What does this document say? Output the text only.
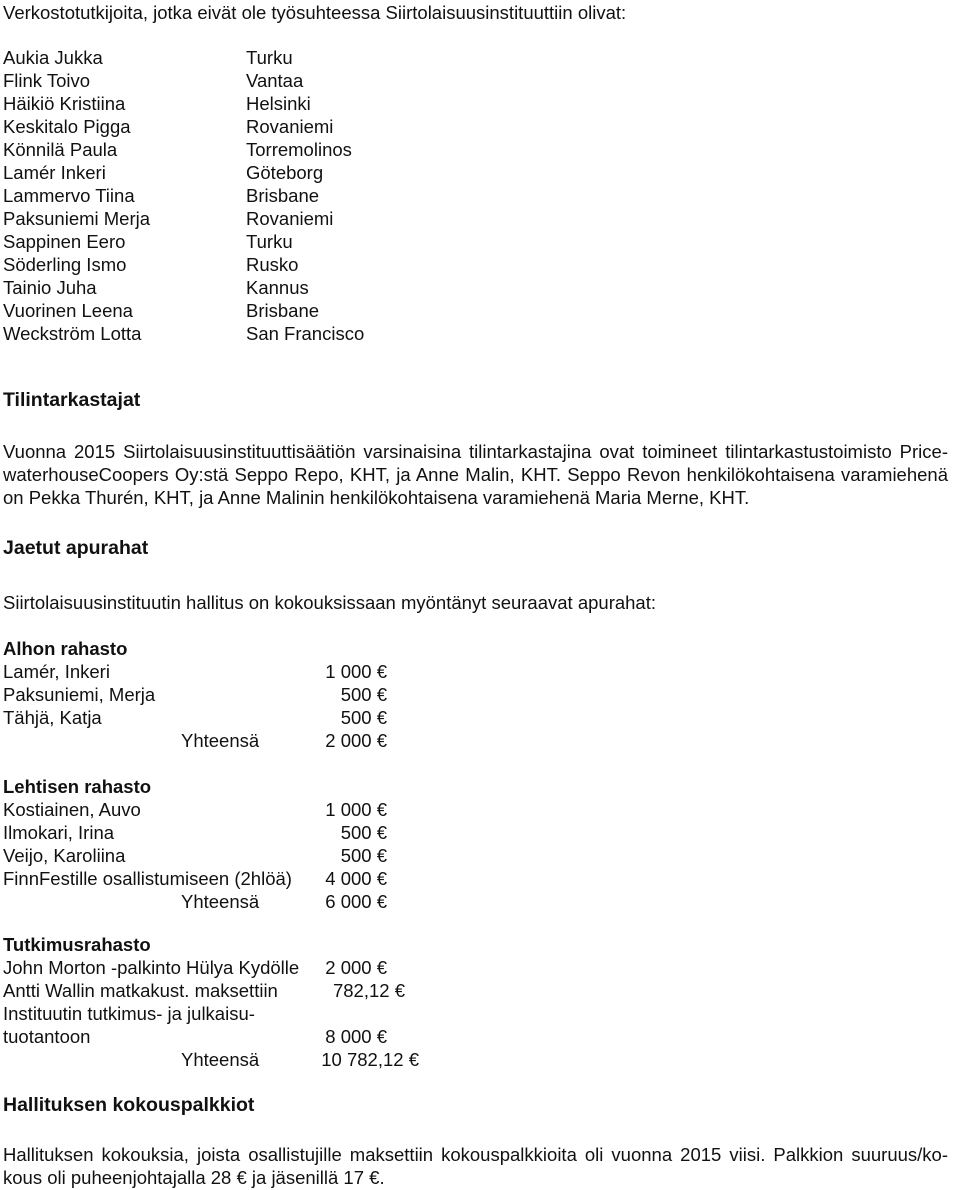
Verkostotutkijoita, jotka eivät ole työsuhteessa Siirtolaisuusinstituuttiin olivat:
Aukia Jukka	Turku
Flink Toivo	Vantaa
Häikiö Kristiina	Helsinki
Keskitalo Pigga	Rovaniemi
Könnilä Paula	Torremolinos
Lamér Inkeri	Göteborg
Lammervo Tiina	Brisbane
Paksuniemi Merja	Rovaniemi
Sappinen Eero	Turku
Söderling Ismo	Rusko
Tainio Juha	Kannus
Vuorinen Leena	Brisbane
Weckström Lotta	San Francisco
Tilintarkastajat
Vuonna 2015 Siirtolaisuusinstituuttisäätiön varsinaisina tilintarkastajina ovat toimineet tilintarkastustoimisto Price-
waterhouseCoopers Oy:stä Seppo Repo, KHT, ja Anne Malin, KHT. Seppo Revon henkilökohtaisena varamiehenä
on Pekka Thurén, KHT, ja Anne Malinin henkilökohtaisena varamiehenä Maria Merne, KHT.
Jaetut apurahat
Siirtolaisuusinstituutin hallitus on kokouksissaan myöntänyt seuraavat apurahat:
Alhon rahasto
Lamér, Inkeri	1 000 €
Paksuniemi, Merja	500 €
Tähjä, Katja	500 €
Yhteensä	2 000 €
Lehtisen rahasto
Kostiainen, Auvo	1 000 €
Ilmokari, Irina	500 €
Veijo, Karoliina	500 €
FinnFestille osallistumiseen (2hlöä) 4 000 €
Yhteensä	6 000 €
Tutkimusrahasto
John Morton -palkinto Hülya Kydölle 2 000 €
Antti Wallin matkakust. maksettiin	782,12 €
Instituutin tutkimus- ja julkaisu-
tuotantoon	8 000 €
Yhteensä	10 782,12 €
Hallituksen kokouspalkkiot
Hallituksen kokouksia, joista osallistujille maksettiin kokouspalkkioita oli vuonna 2015 viisi. Palkkion suuruus/ko-
kous oli puheenjohtajalla 28 € ja jäsenillä 17 €.
